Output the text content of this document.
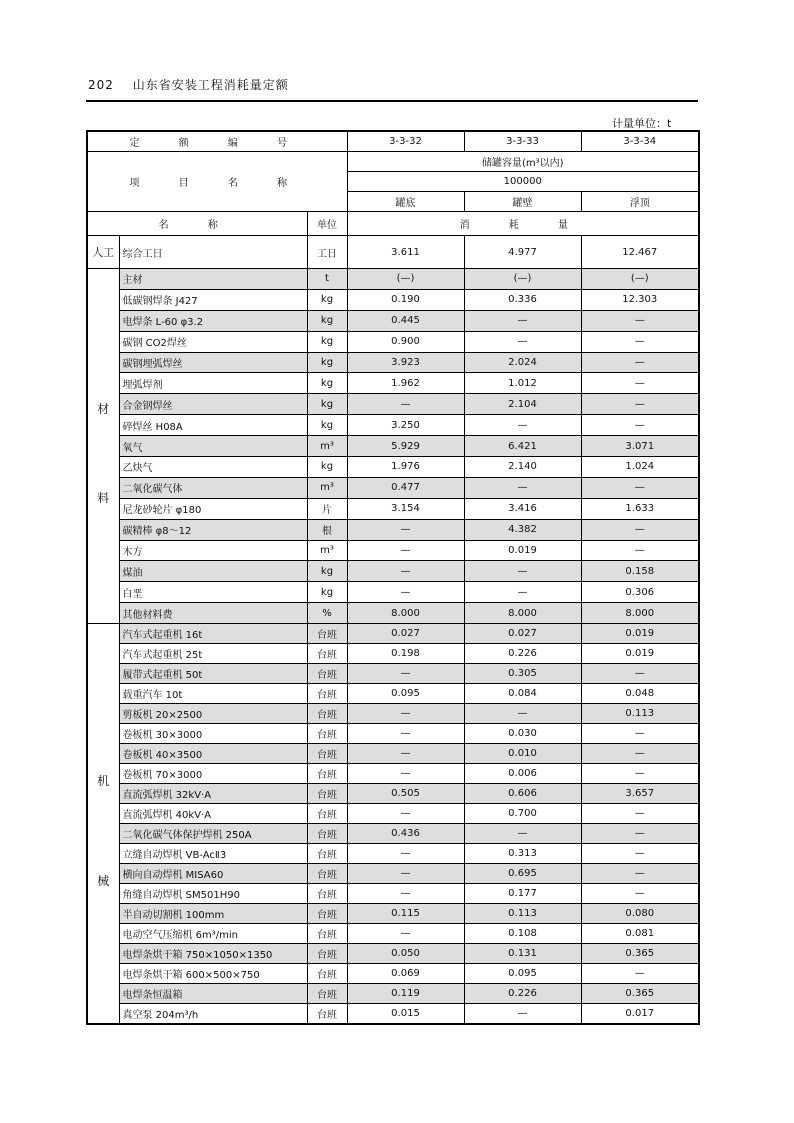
202 山东省安装工程消耗量定额
计量单位：t
定 额 编 号			3-3-32	3-3-33	3-3-34
项 目 名 称			储罐容量(m³以内)		
			100000		
			罐底	罐壁	浮顶
名 称		单位	消 耗 量		
人工	综合工日	工日	3.611	4.977	12.467

材
料	主材	t	(—)	(—)	(—)
	低碳钢焊条 J427	kg	0.190	0.336	12.303
	电焊条 L-60 φ3.2	kg	0.445	—	—
	碳钢 CO2焊丝	kg	0.900	—	—
	碳钢埋弧焊丝	kg	3.923	2.024	—
	埋弧焊剂	kg	1.962	1.012	—
	合金钢焊丝	kg	—	2.104	—
	碎焊丝 H08A	kg	3.250	—	—
	氧气	m³	5.929	6.421	3.071
	乙炔气	kg	1.976	2.140	1.024
	二氧化碳气体	m³	0.477	—	—
	尼龙砂轮片 φ180	片	3.154	3.416	1.633
	碳精棒 φ8～12	根	—	4.382	—
	木方	m³	—	0.019	—
	煤油	kg	—	—	0.158
	白垩	kg	—	—	0.306
	其他材料费	%	8.000	8.000	8.000

机
械	汽车式起重机 16t	台班	0.027	0.027	0.019
	汽车式起重机 25t	台班	0.198	0.226	0.019
	履带式起重机 50t	台班	—	0.305	—
	载重汽车 10t	台班	0.095	0.084	0.048
	剪板机 20×2500	台班	—	—	0.113
	卷板机 30×3000	台班	—	0.030	—
	卷板机 40×3500	台班	—	0.010	—
	卷板机 70×3000	台班	—	0.006	—
	直流弧焊机 32kV·A	台班	0.505	0.606	3.657
	直流弧焊机 40kV·A	台班	—	0.700	—
	二氧化碳气体保护焊机 250A	台班	0.436	—	—
	立缝自动焊机 VB-AcⅡ3	台班	—	0.313	—
	横向自动焊机 MISA60	台班	—	0.695	—
	角缝自动焊机 SM501H90	台班	—	0.177	—
	半自动切割机 100mm	台班	0.115	0.113	0.080
	电动空气压缩机 6m³/min	台班	—	0.108	0.081
	电焊条烘干箱 750×1050×1350	台班	0.050	0.131	0.365
	电焊条烘干箱 600×500×750	台班	0.069	0.095	—
	电焊条恒温箱	台班	0.119	0.226	0.365
	真空泵 204m³/h	台班	0.015	—	0.017
